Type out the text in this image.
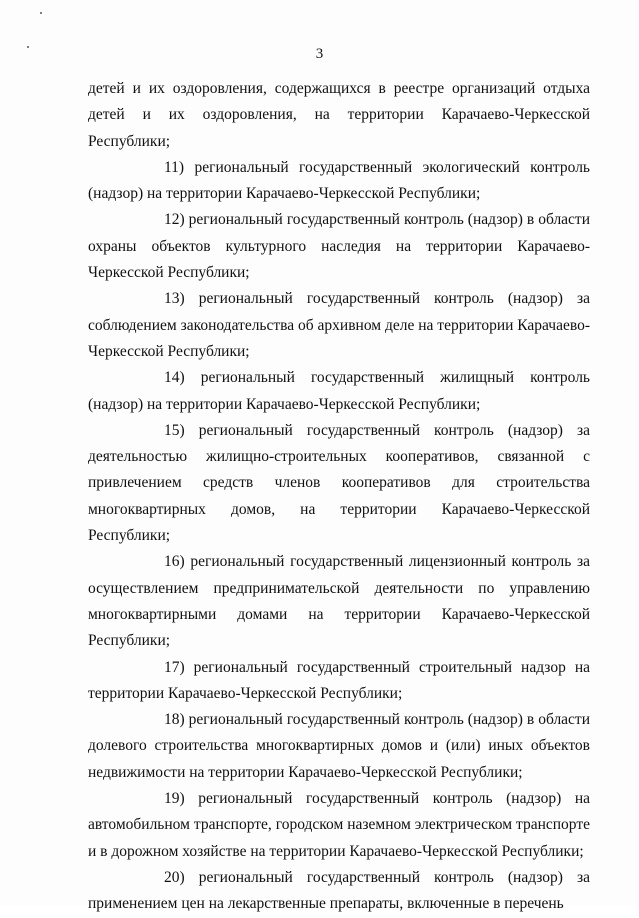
3

детей и их оздоровления, содержащихся в реестре организаций отдыха детей и их оздоровления, на территории Карачаево-Черкесской Республики;

11) региональный государственный экологический контроль (надзор) на территории Карачаево-Черкесской Республики;

12) региональный государственный контроль (надзор) в области охраны объектов культурного наследия на территории Карачаево-Черкесской Республики;

13) региональный государственный контроль (надзор) за соблюдением законодательства об архивном деле на территории Карачаево-Черкесской Республики;

14) региональный государственный жилищный контроль (надзор) на территории Карачаево-Черкесской Республики;

15) региональный государственный контроль (надзор) за деятельностью жилищно-строительных кооперативов, связанной с привлечением средств членов кооперативов для строительства многоквартирных домов, на территории Карачаево-Черкесской Республики;

16) региональный государственный лицензионный контроль за осуществлением предпринимательской деятельности по управлению многоквартирными домами на территории Карачаево-Черкесской Республики;

17) региональный государственный строительный надзор на территории Карачаево-Черкесской Республики;

18) региональный государственный контроль (надзор) в области долевого строительства многоквартирных домов и (или) иных объектов недвижимости на территории Карачаево-Черкесской Республики;

19) региональный государственный контроль (надзор) на автомобильном транспорте, городском наземном электрическом транспорте и в дорожном хозяйстве на территории Карачаево-Черкесской Республики;

20) региональный государственный контроль (надзор) за применением цен на лекарственные препараты, включенные в перечень
